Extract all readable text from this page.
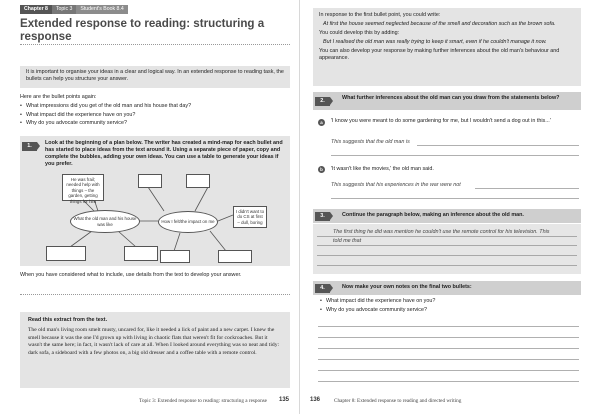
Chapter 8	Topic 3	Student's Book 8.4
Extended response to reading: structuring a response
It is important to organise your ideas in a clear and logical way. In an extended response to reading task, the bullets can help you structure your answer.
Here are the bullet points again:
• What impressions did you get of the old man and his house that day?
• What impact did the experience have on you?
• Why do you advocate community service?
1.	Look at the beginning of a plan below. The writer has created a mind-map for each bullet and has started to place ideas from the text around it. Using a separate piece of paper, copy and complete the bubbles, adding your own ideas. You can use a table to generate your ideas if you prefer.
He was frail; needed help with things – the garden, getting things for him
What the old man and his house was like	How I felt/the impact on me
I didn't want to do CS at first – dull, boring
When you have considered what to include, use details from the text to develop your answer.
Read this extract from the text.
The old man's living room smelt musty, uncared for, like it needed a lick of paint and a new carpet. I knew the smell because it was the one I'd grown up with living in chaotic flats that weren't fit for cockroaches. But it wasn't the same here; in fact, it wasn't lack of care at all. When I looked around everything was so neat and tidy: dark sofa, a sideboard with a few photos on, a big old dresser and a coffee table with a remote control.
Topic 3: Extended response to reading: structuring a response 135	136	Chapter 8: Extended response to reading and directed writing

In response to the first bullet point, you could write:

At first the house seemed neglected because of the smell and decoration such as the brown sofa.

You could develop this by adding:

But I realised the old man was really trying to keep it smart, even if he couldn't manage it now.

You can also develop your response by making further inferences about the old man's behaviour and appearance.

2.	What further inferences about the old man can you draw from the statements below?
a	'I know you were meant to do some gardening for me, but I wouldn't send a dog out in this...'
This suggests that the old man is
b	'It wasn't like the movies,' the old man said.
This suggests that his experiences in the war were not
3.	Continue the paragraph below, making an inference about the old man.
The first thing he did was mention he couldn't use the remote control for his television. This told me that
4.	Now make your own notes on the final two bullets:
• What impact did the experience have on you?
• Why do you advocate community service?
